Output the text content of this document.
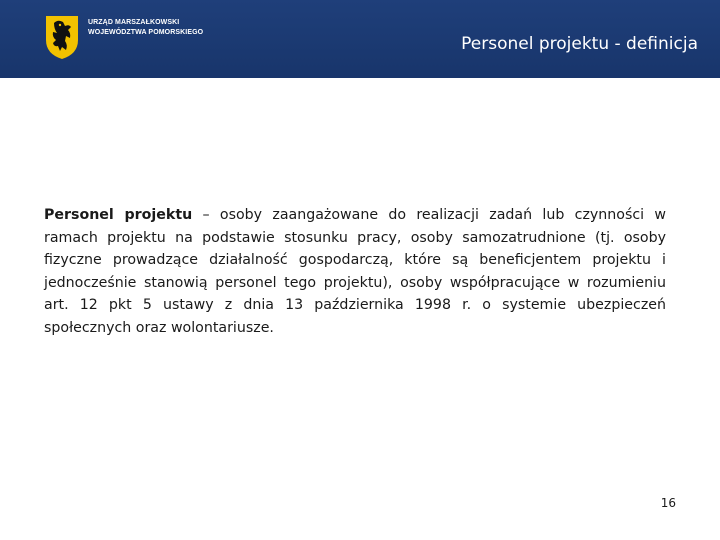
URZĄD MARSZAŁKOWSKI
WOJEWÓDZTWA POMORSKIEGO
Personel projektu - definicja

Personel projektu – osoby zaangażowane do realizacji zadań lub czynności w ramach projektu na podstawie stosunku pracy, osoby samozatrudnione (tj. osoby fizyczne prowadzące działalność gospodarczą, które są beneficjentem projektu i jednocześnie stanowią personel tego projektu), osoby współpracujące w rozumieniu art. 12 pkt 5 ustawy z dnia 13 października 1998 r. o systemie ubezpieczeń społecznych oraz wolontariusze.

16
